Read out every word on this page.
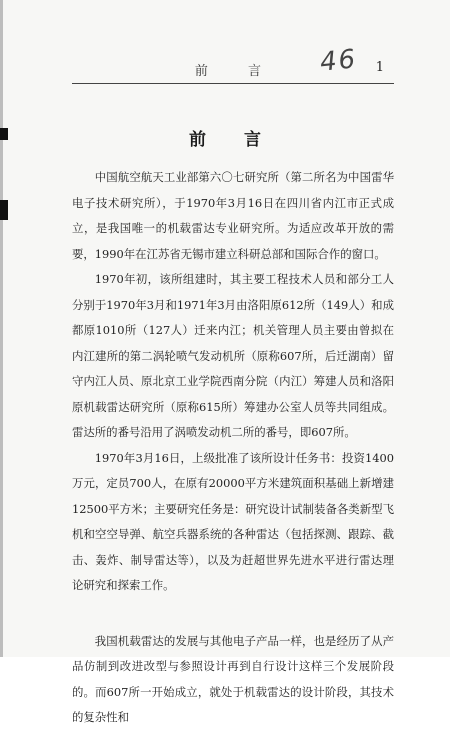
前 言	46 1
前 言

中国航空航天工业部第六〇七研究所（第二所名为中国雷华电子技术研究所），于1970年3月16日在四川省内江市正式成立，是我国唯一的机载雷达专业研究所。为适应改革开放的需要，1990年在江苏省无锡市建立科研总部和国际合作的窗口。

1970年初，该所组建时，其主要工程技术人员和部分工人分别于1970年3月和1971年3月由洛阳原612所（149人）和成都原1010所（127人）迁来内江；机关管理人员主要由曾拟在内江建所的第二涡轮喷气发动机所（原称607所，后迁湖南）留守内江人员、原北京工业学院西南分院（内江）筹建人员和洛阳原机载雷达研究所（原称615所）筹建办公室人员等共同组成。雷达所的番号沿用了涡喷发动机二所的番号，即607所。

1970年3月16日，上级批准了该所设计任务书：投资1400万元，定员700人，在原有20000平方米建筑面积基础上新增建12500平方米；主要研究任务是：研究设计试制装备各类新型飞机和空空导弹、航空兵器系统的各种雷达（包括探测、跟踪、截击、轰炸、制导雷达等），以及为赶超世界先进水平进行雷达理论研究和探索工作。

我国机载雷达的发展与其他电子产品一样，也是经历了从产品仿制到改进改型与参照设计再到自行设计这样三个发展阶段的。而607所一开始成立，就处于机载雷达的设计阶段，其技术的复杂性和
